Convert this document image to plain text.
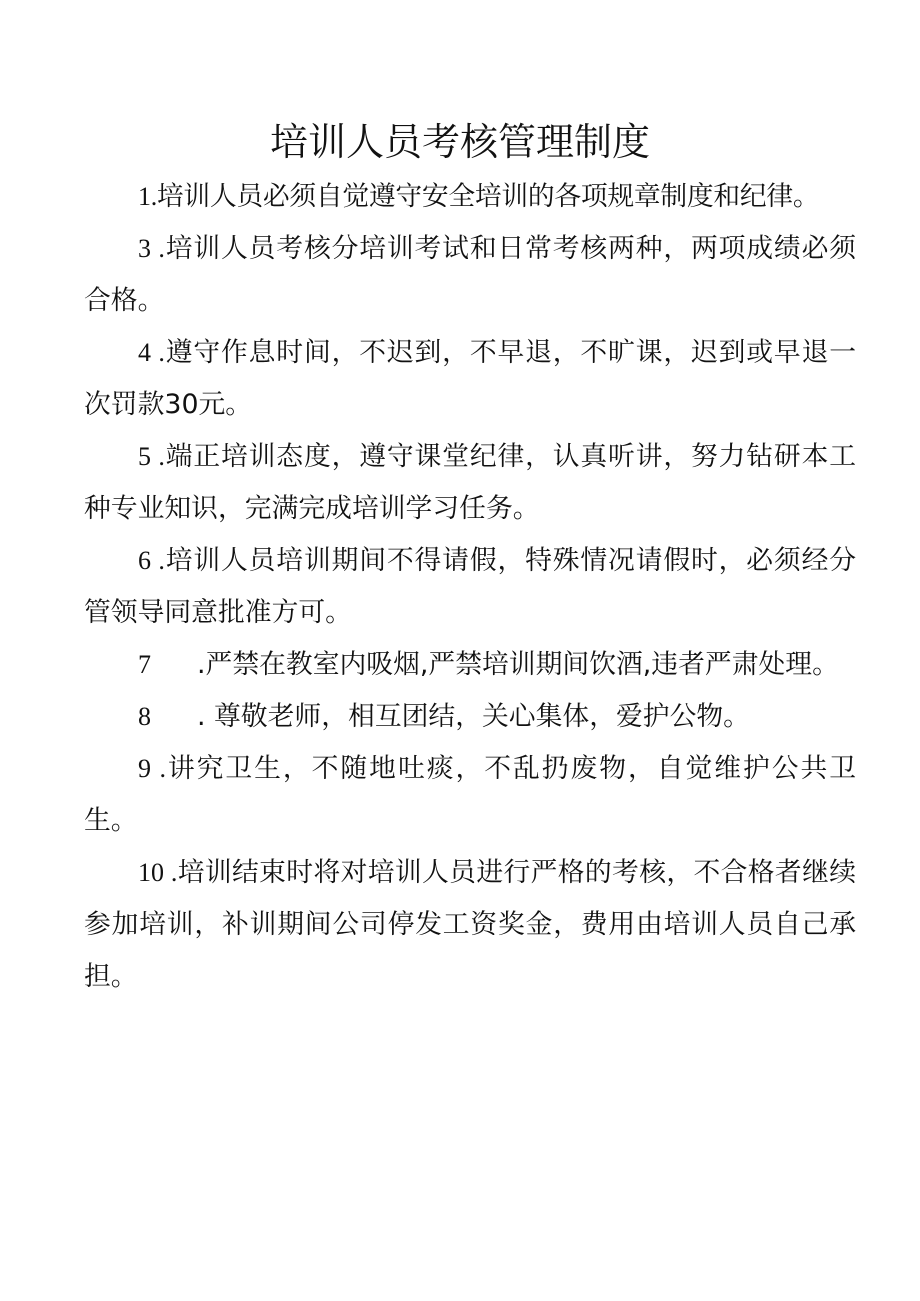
培训人员考核管理制度

1.培训人员必须自觉遵守安全培训的各项规章制度和纪律。

3 .培训人员考核分培训考试和日常考核两种，两项成绩必须合格。

4 .遵守作息时间，不迟到，不早退，不旷课，迟到或早退一次罚款30元。

5 .端正培训态度，遵守课堂纪律，认真听讲，努力钻研本工种专业知识，完满完成培训学习任务。

6 .培训人员培训期间不得请假，特殊情况请假时，必须经分管领导同意批准方可。

7 .严禁在教室内吸烟,严禁培训期间饮酒,违者严肃处理。

8 . 尊敬老师，相互团结，关心集体，爱护公物。

9 .讲究卫生，不随地吐痰，不乱扔废物，自觉维护公共卫生。

10 .培训结束时将对培训人员进行严格的考核，不合格者继续参加培训，补训期间公司停发工资奖金，费用由培训人员自己承担。
